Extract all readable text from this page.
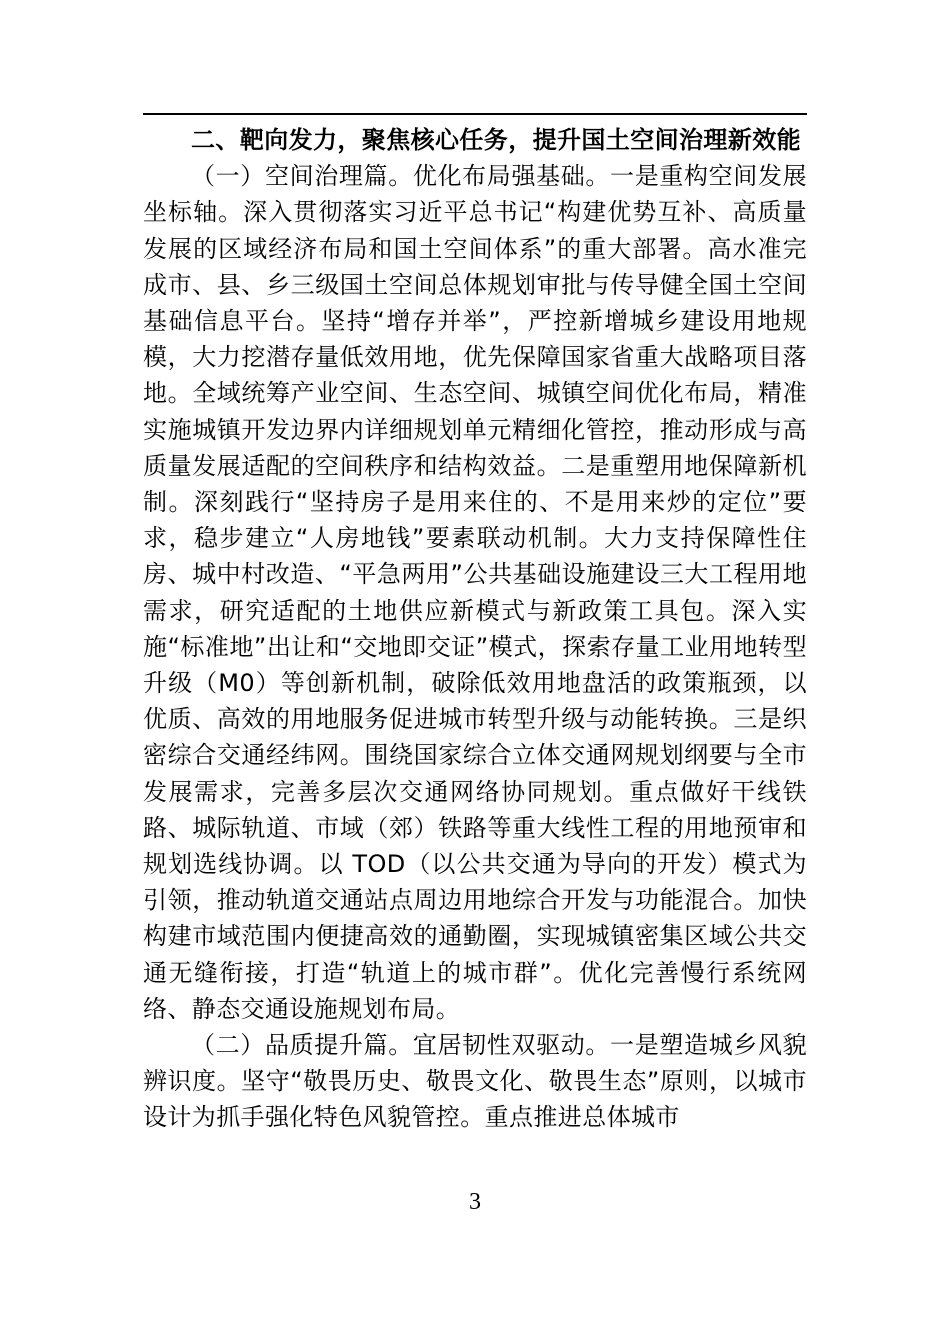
二、靶向发力，聚焦核心任务，提升国土空间治理新效能

（一）空间治理篇。优化布局强基础。一是重构空间发展坐标轴。深入贯彻落实习近平总书记“构建优势互补、高质量发展的区域经济布局和国土空间体系”的重大部署。高水准完成市、县、乡三级国土空间总体规划审批与传导健全国土空间基础信息平台。坚持“增存并举”，严控新增城乡建设用地规模，大力挖潜存量低效用地，优先保障国家省重大战略项目落地。全域统筹产业空间、生态空间、城镇空间优化布局，精准实施城镇开发边界内详细规划单元精细化管控，推动形成与高质量发展适配的空间秩序和结构效益。二是重塑用地保障新机制。深刻践行“坚持房子是用来住的、不是用来炒的定位”要求，稳步建立“人房地钱”要素联动机制。大力支持保障性住房、城中村改造、“平急两用”公共基础设施建设三大工程用地需求，研究适配的土地供应新模式与新政策工具包。深入实施“标准地”出让和“交地即交证”模式，探索存量工业用地转型升级（M0）等创新机制，破除低效用地盘活的政策瓶颈，以优质、高效的用地服务促进城市转型升级与动能转换。三是织密综合交通经纬网。围绕国家综合立体交通网规划纲要与全市发展需求，完善多层次交通网络协同规划。重点做好干线铁路、城际轨道、市域（郊）铁路等重大线性工程的用地预审和规划选线协调。以 TOD（以公共交通为导向的开发）模式为引领，推动轨道交通站点周边用地综合开发与功能混合。加快构建市域范围内便捷高效的通勤圈，实现城镇密集区域公共交通无缝衔接，打造“轨道上的城市群”。优化完善慢行系统网络、静态交通设施规划布局。

（二）品质提升篇。宜居韧性双驱动。一是塑造城乡风貌辨识度。坚守“敬畏历史、敬畏文化、敬畏生态”原则，以城市设计为抓手强化特色风貌管控。重点推进总体城市

3
